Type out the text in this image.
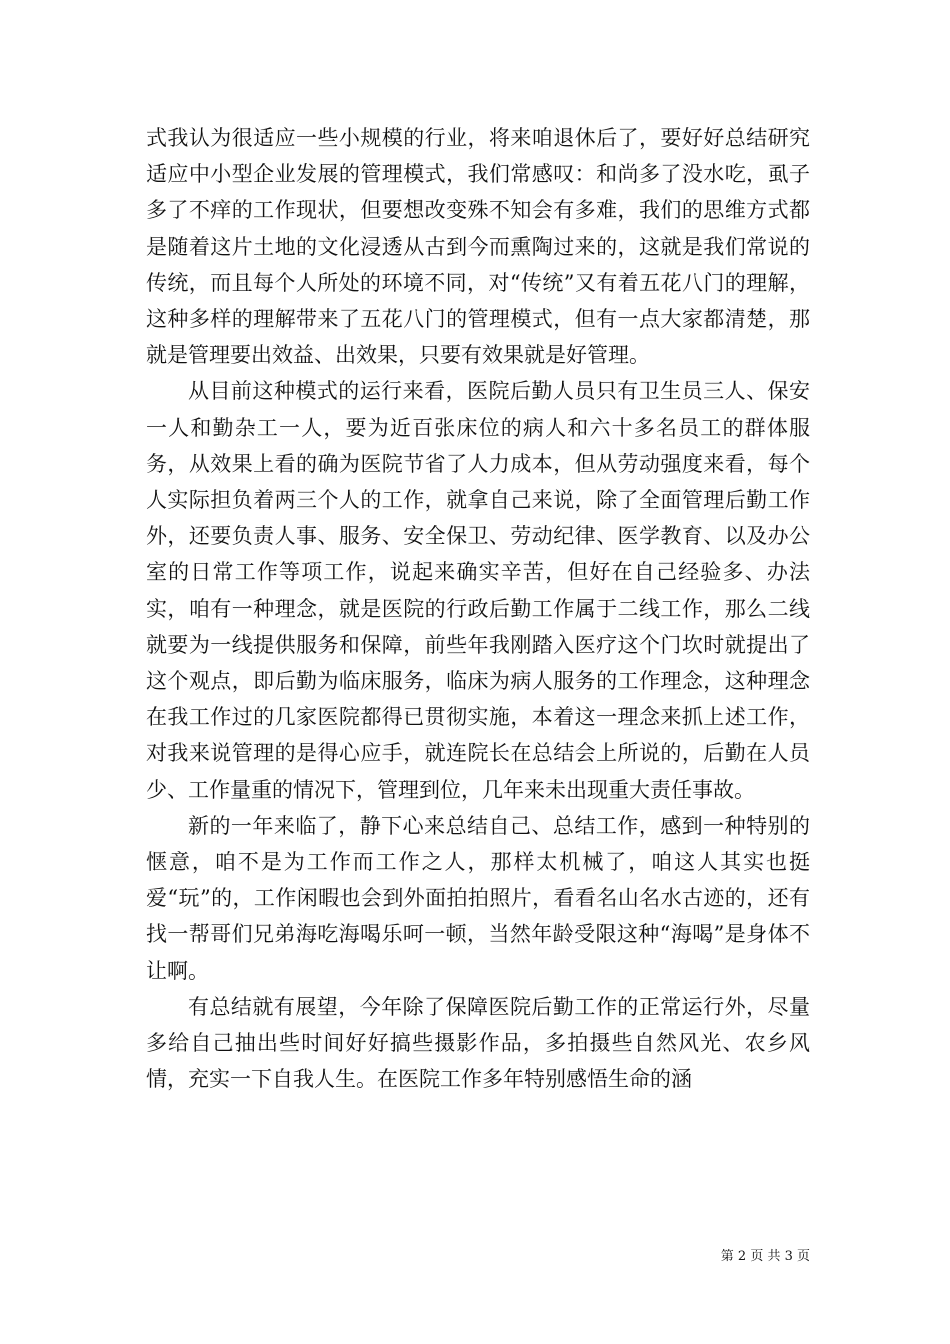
式我认为很适应一些小规模的行业，将来咱退休后了，要好好总结研究适应中小型企业发展的管理模式，我们常感叹：和尚多了没水吃，虱子多了不痒的工作现状，但要想改变殊不知会有多难，我们的思维方式都是随着这片土地的文化浸透从古到今而熏陶过来的，这就是我们常说的传统，而且每个人所处的环境不同，对“传统”又有着五花八门的理解，这种多样的理解带来了五花八门的管理模式，但有一点大家都清楚，那就是管理要出效益、出效果，只要有效果就是好管理。

从目前这种模式的运行来看，医院后勤人员只有卫生员三人、保安一人和勤杂工一人，要为近百张床位的病人和六十多名员工的群体服务，从效果上看的确为医院节省了人力成本，但从劳动强度来看，每个人实际担负着两三个人的工作，就拿自己来说，除了全面管理后勤工作外，还要负责人事、服务、安全保卫、劳动纪律、医学教育、以及办公室的日常工作等项工作，说起来确实辛苦，但好在自己经验多、办法实，咱有一种理念，就是医院的行政后勤工作属于二线工作，那么二线就要为一线提供服务和保障，前些年我刚踏入医疗这个门坎时就提出了这个观点，即后勤为临床服务，临床为病人服务的工作理念，这种理念在我工作过的几家医院都得已贯彻实施，本着这一理念来抓上述工作，对我来说管理的是得心应手，就连院长在总结会上所说的，后勤在人员少、工作量重的情况下，管理到位，几年来未出现重大责任事故。

新的一年来临了，静下心来总结自己、总结工作，感到一种特别的惬意，咱不是为工作而工作之人，那样太机械了，咱这人其实也挺爱“玩”的，工作闲暇也会到外面拍拍照片，看看名山名水古迹的，还有找一帮哥们兄弟海吃海喝乐呵一顿，当然年龄受限这种“海喝”是身体不让啊。

有总结就有展望，今年除了保障医院后勤工作的正常运行外，尽量多给自己抽出些时间好好搞些摄影作品，多拍摄些自然风光、农乡风情，充实一下自我人生。在医院工作多年特别感悟生命的涵

第 2 页 共 3 页
